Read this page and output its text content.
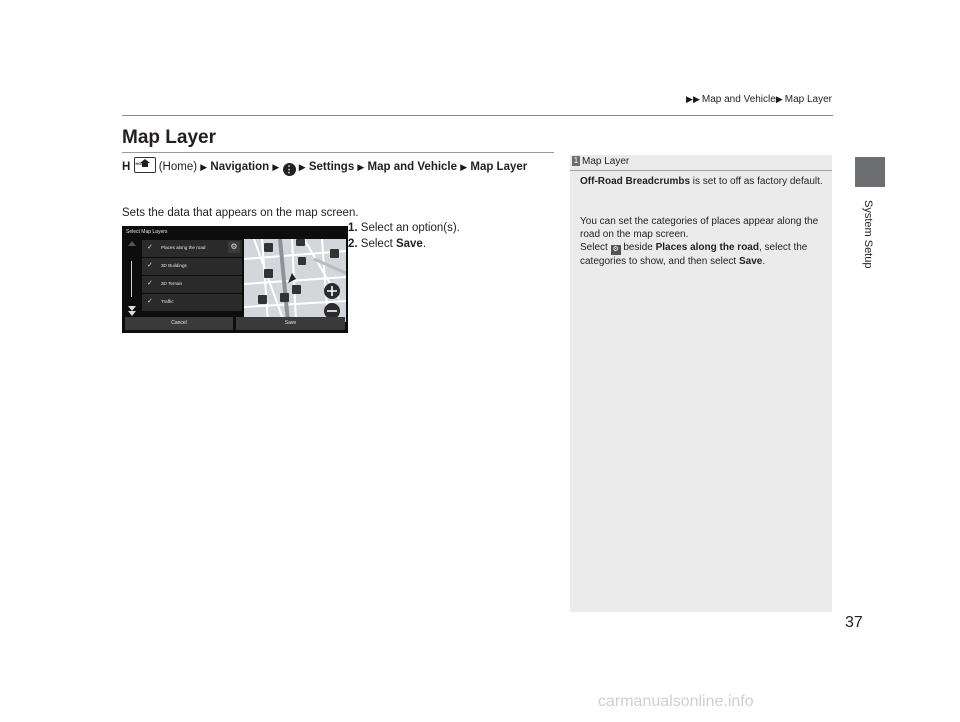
▶▶ Map and Vehicle▶ Map Layer
System Setup
Map Layer
H HOME (Home) ▶ Navigation ▶ ⋮ ▶ Settings ▶ Map and Vehicle ▶ Map Layer
Sets the data that appears on the map screen.
1. Select an option(s).
2. Select Save.
Select Map Layers
✓ Places along the road
✓ 3D Buildings
✓ 3D Terrain
✓ Traffic
⚙
Cancel	Save
1 Map Layer
Off-Road Breadcrumbs is set to off as factory default.
You can set the categories of places appear along the road on the map screen.
Select ⚙ beside Places along the road, select the categories to show, and then select Save.
37
carmanualsonline.info
